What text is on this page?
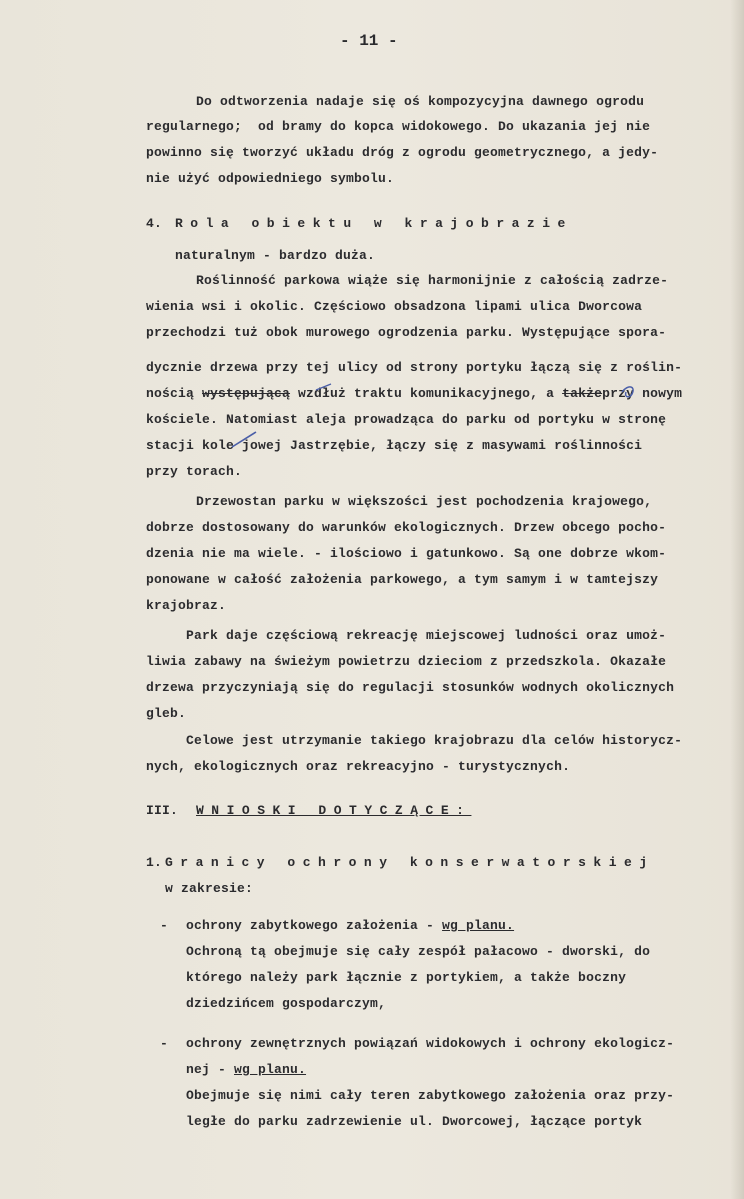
- 11 -
Do odtworzenia nadaje się oś kompozycyjna dawnego ogrodu
regularnego;  od bramy do kopca widokowego. Do ukazania jej nie
powinno się tworzyć układu dróg z ogrodu geometrycznego, a jedy-
nie użyć odpowiedniego symbolu.
4. Rola obiektu w krajobrazie
naturalnym - bardzo duża.
Roślinność parkowa wiąże się harmonijnie z całością zadrze-
wienia wsi i okolic. Częściowo obsadzona lipami ulica Dworcowa
przechodzi tuż obok murowego ogrodzenia parku. Występujące spora-
dycznie drzewa przy tej ulicy od strony portyku łączą się z roślin-
nością występującą wzdłuż traktu komunikacyjnego, a takżeprzy nowym
kościele. Natomiast aleja prowadząca do parku od portyku w stronę
stacji kole jowej Jastrzębie, łączy się z masywami roślinności
przy torach.
Drzewostan parku w większości jest pochodzenia krajowego,
dobrze dostosowany do warunków ekologicznych. Drzew obcego pocho-
dzenia nie ma wiele. - ilościowo i gatunkowo. Są one dobrze wkom-
ponowane w całość założenia parkowego, a tym samym i w tamtejszy
krajobraz.
Park daje częściową rekreację miejscowej ludności oraz umoż-
liwia zabawy na świeżym powietrzu dzieciom z przedszkola. Okazałe
drzewa przyczyniają się do regulacji stosunków wodnych okolicznych
gleb.
Celowe jest utrzymanie takiego krajobrazu dla celów historycz-
nych, ekologicznych oraz rekreacyjno - turystycznych.
III. WNIOSKI DOTYCZĄCE:
1. Granicy ochrony konserwatorskiej
w zakresie:
- ochrony zabytkowego założenia - wg planu.
Ochroną tą obejmuje się cały zespół pałacowo - dworski, do
którego należy park łącznie z portykiem, a także boczny
dziedzińcem gospodarczym,
- ochrony zewnętrznych powiązań widokowych i ochrony ekologicz-
nej - wg planu.
Obejmuje się nimi cały teren zabytkowego założenia oraz przy-
ległe do parku zadrzewienie ul. Dworcowej, łączące portyk
